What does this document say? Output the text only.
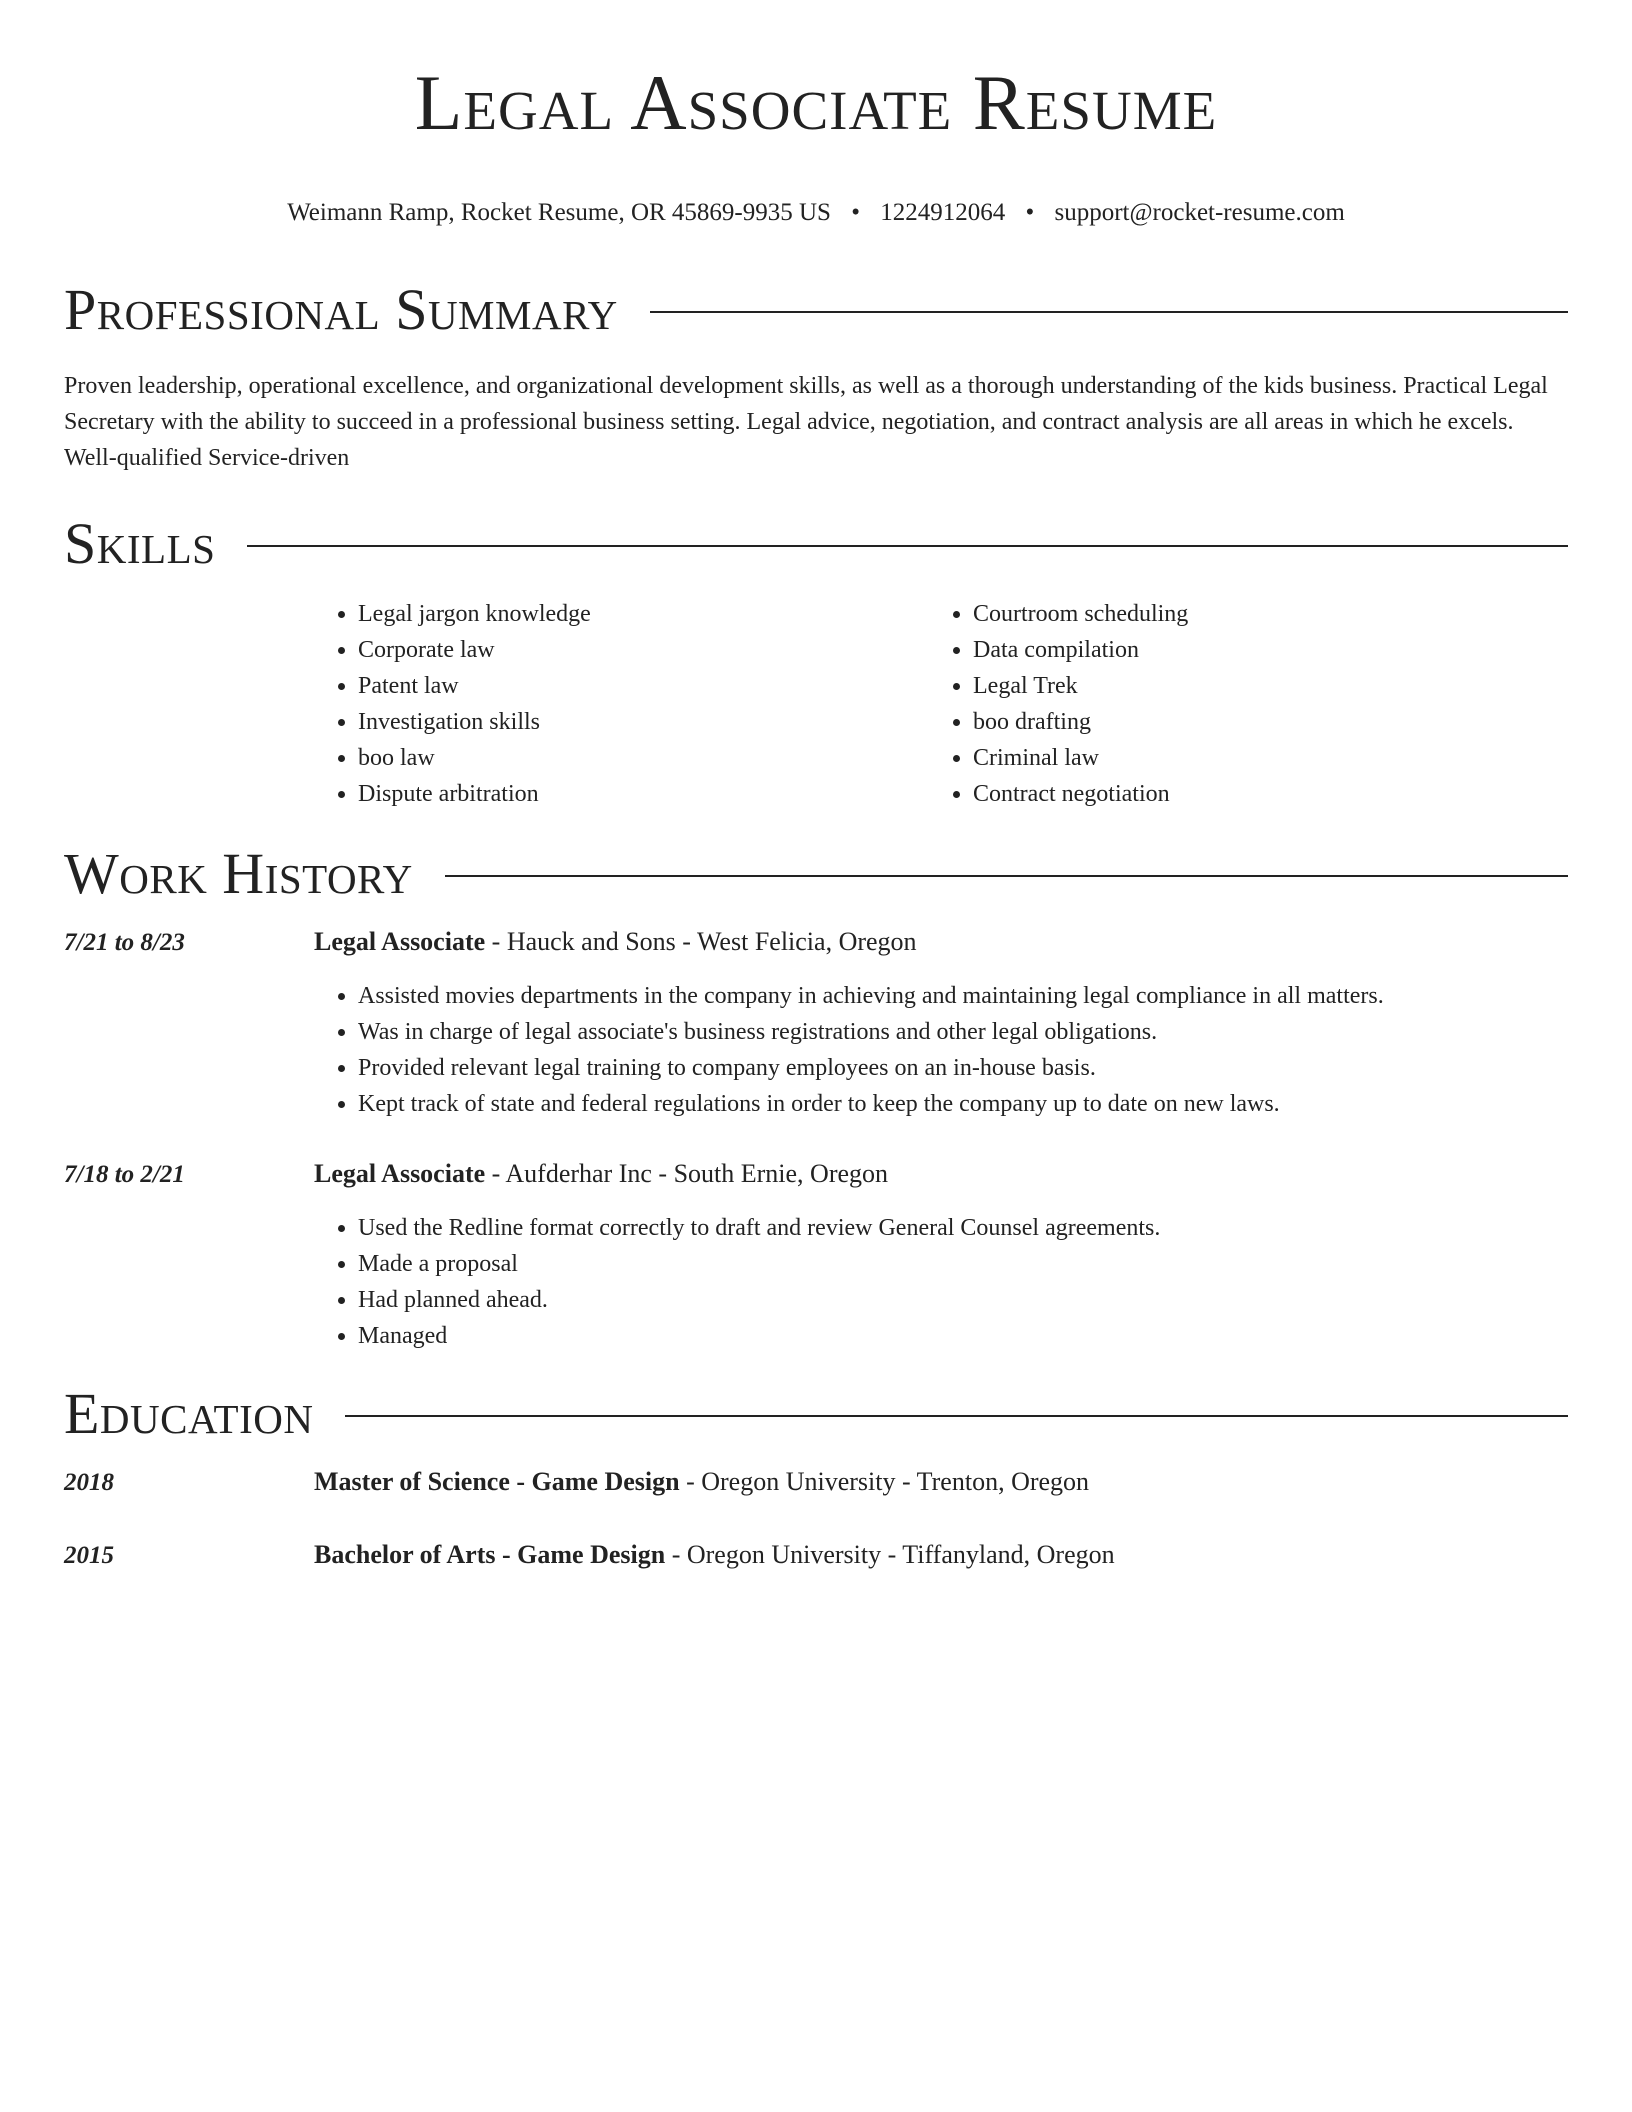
Legal Associate Resume
Weimann Ramp, Rocket Resume, OR 45869-9935 US • 1224912064 • support@rocket-resume.com
Professional Summary

Proven leadership, operational excellence, and organizational development skills, as well as a thorough understanding of the kids business. Practical Legal Secretary with the ability to succeed in a professional business setting. Legal advice, negotiation, and contract analysis are all areas in which he excels. Well-qualified Service-driven

Skills
• Legal jargon knowledge
• Corporate law
• Patent law
• Investigation skills
• boo law
• Dispute arbitration
• Courtroom scheduling
• Data compilation
• Legal Trek
• boo drafting
• Criminal law
• Contract negotiation
Work History
7/21 to 8/23	Legal Associate - Hauck and Sons - West Felicia, Oregon
• Assisted movies departments in the company in achieving and maintaining legal compliance in all matters.
• Was in charge of legal associate's business registrations and other legal obligations.
• Provided relevant legal training to company employees on an in-house basis.
• Kept track of state and federal regulations in order to keep the company up to date on new laws.
7/18 to 2/21	Legal Associate - Aufderhar Inc - South Ernie, Oregon
• Used the Redline format correctly to draft and review General Counsel agreements.
• Made a proposal
• Had planned ahead.
• Managed
Education
2018	Master of Science - Game Design - Oregon University - Trenton, Oregon
2015	Bachelor of Arts - Game Design - Oregon University - Tiffanyland, Oregon
